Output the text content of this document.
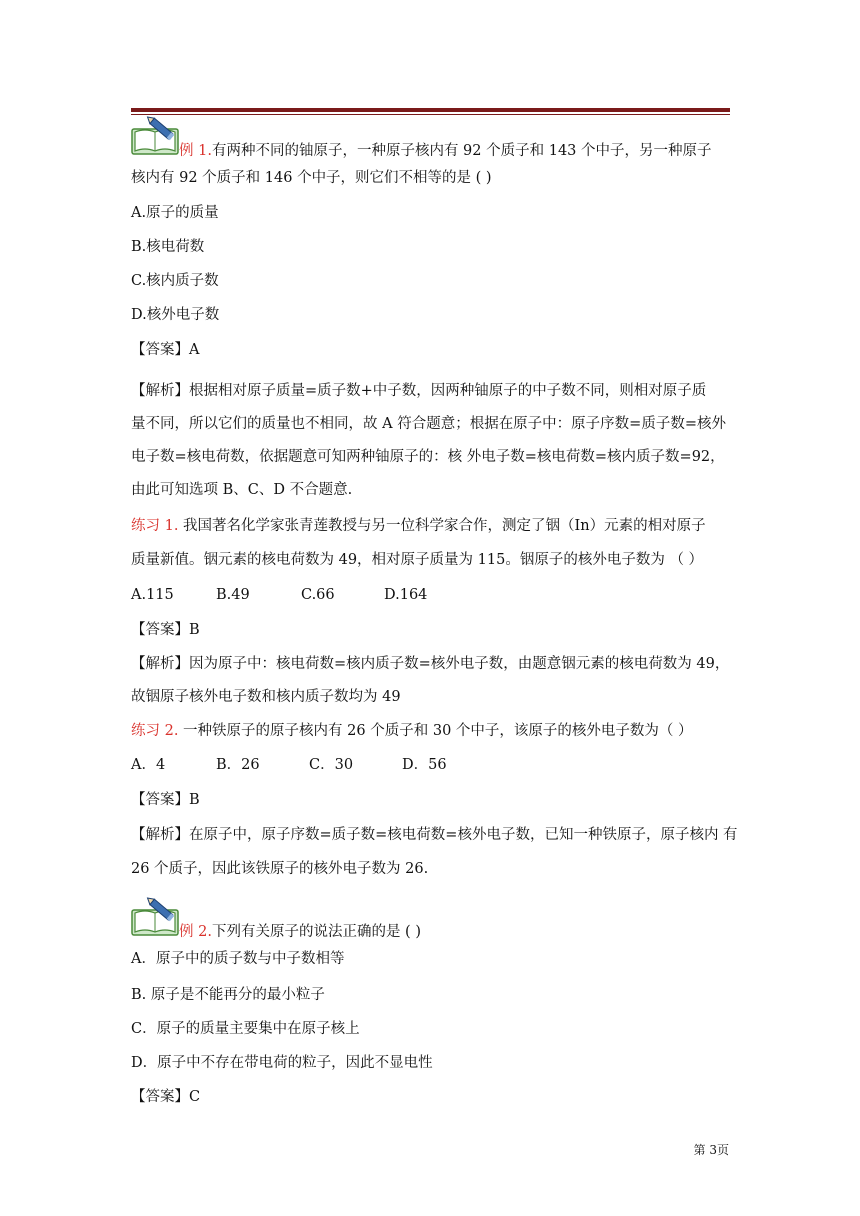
例 1.有两种不同的铀原子，一种原子核内有 92 个质子和 143 个中子，另一种原子
核内有 92 个质子和 146 个中子，则它们不相等的是 ( )
A.原子的质量
B.核电荷数
C.核内质子数
D.核外电子数
【答案】A
【解析】根据相对原子质量=质子数+中子数，因两种铀原子的中子数不同，则相对原子质
量不同，所以它们的质量也不相同，故 A 符合题意；根据在原子中：原子序数=质子数=核外
电子数=核电荷数，依据题意可知两种铀原子的：核 外电子数=核电荷数=核内质子数=92，
由此可知选项 B、C、D 不合题意.
练习 1. 我国著名化学家张青莲教授与另一位科学家合作，测定了铟（In）元素的相对原子
质量新值。铟元素的核电荷数为 49，相对原子质量为 115。铟原子的核外电子数为 （ ）
A.115	B.49	C.66	D.164
【答案】B
【解析】因为原子中：核电荷数=核内质子数=核外电子数，由题意铟元素的核电荷数为 49，
故铟原子核外电子数和核内质子数均为 49
练习 2. 一种铁原子的原子核内有 26 个质子和 30 个中子，该原子的核外电子数为（ ）
A．4	B．26	C．30	D．56
【答案】B
【解析】在原子中，原子序数=质子数=核电荷数=核外电子数，已知一种铁原子，原子核内 有
26 个质子，因此该铁原子的核外电子数为 26.
例 2.下列有关原子的说法正确的是 ( )
A．原子中的质子数与中子数相等
B. 原子是不能再分的最小粒子
C．原子的质量主要集中在原子核上
D．原子中不存在带电荷的粒子，因此不显电性
【答案】C
第 3页
